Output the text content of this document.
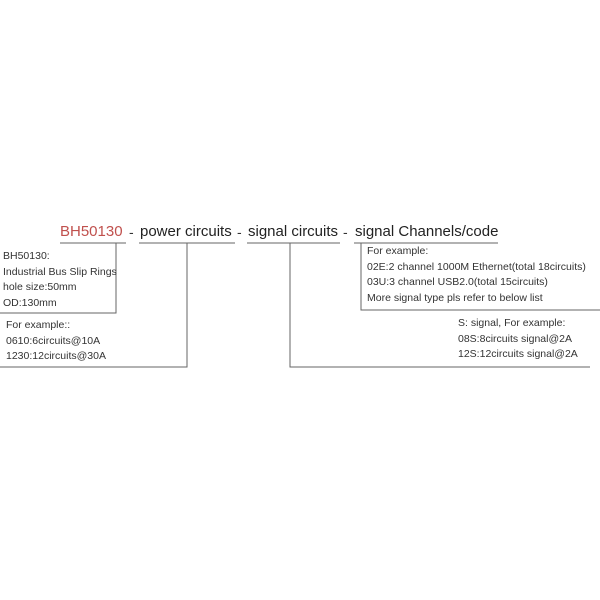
BH50130 - power circuits - signal circuits - signal Channels/code
BH50130:
Industrial Bus Slip Rings
hole size:50mm
OD:130mm
For example::
0610:6circuits@10A
1230:12circuits@30A
For example:
02E:2 channel 1000M Ethernet(total 18circuits)
03U:3 channel USB2.0(total 15circuits)
More signal type pls refer to below list
S: signal, For example:
08S:8circuits signal@2A
12S:12circuits signal@2A
